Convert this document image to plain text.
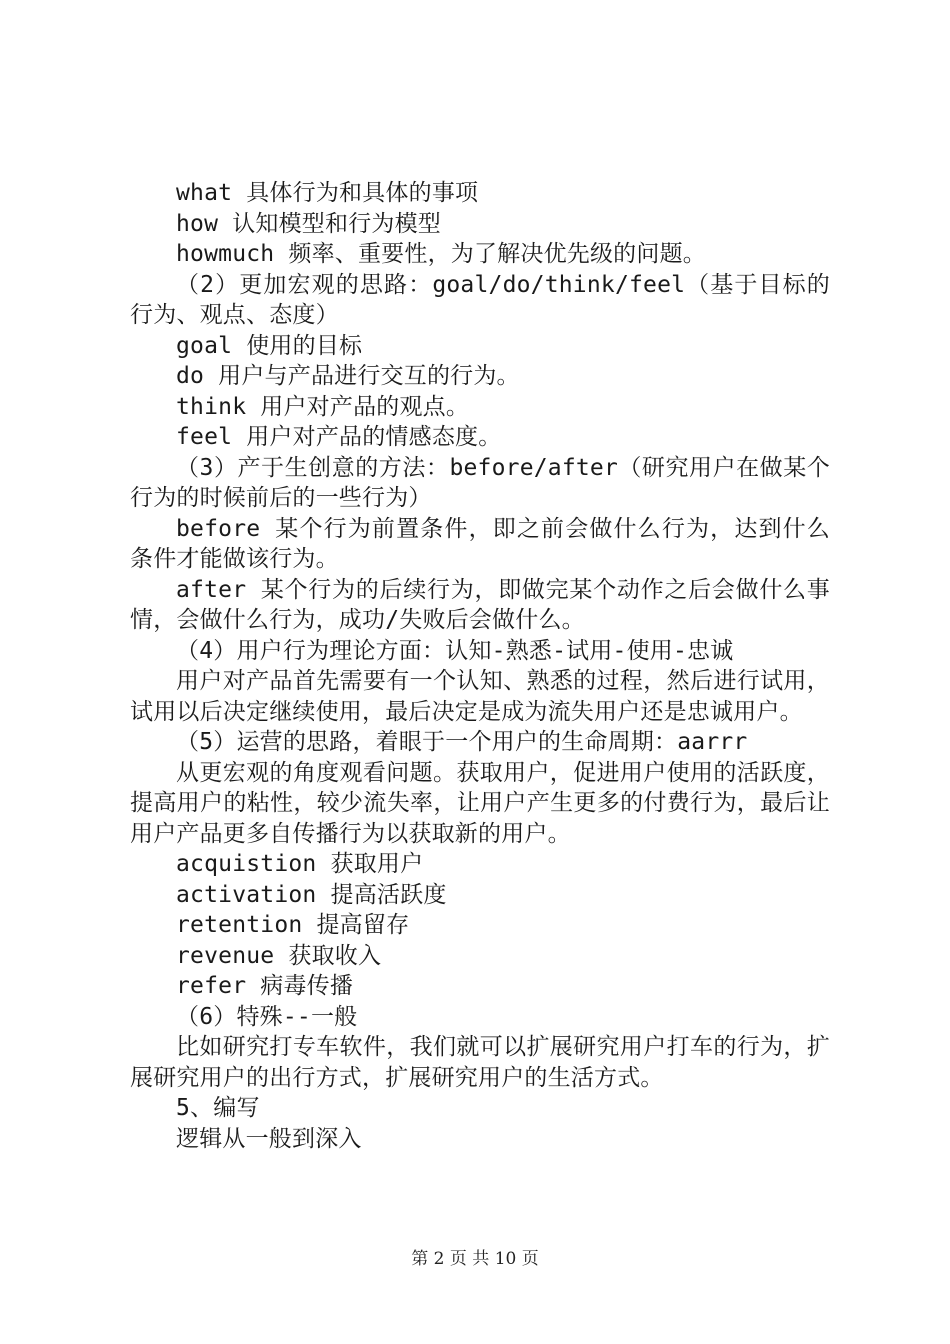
what 具体行为和具体的事项

how 认知模型和行为模型

howmuch 频率、重要性，为了解决优先级的问题。

（2）更加宏观的思路：goal/do/think/feel（基于目标的行为、观点、态度）

goal 使用的目标

do 用户与产品进行交互的行为。

think 用户对产品的观点。

feel 用户对产品的情感态度。

（3）产于生创意的方法：before/after（研究用户在做某个行为的时候前后的一些行为）

before 某个行为前置条件，即之前会做什么行为，达到什么条件才能做该行为。

after 某个行为的后续行为，即做完某个动作之后会做什么事情，会做什么行为，成功/失败后会做什么。

（4）用户行为理论方面：认知-熟悉-试用-使用-忠诚

用户对产品首先需要有一个认知、熟悉的过程，然后进行试用，试用以后决定继续使用，最后决定是成为流失用户还是忠诚用户。

（5）运营的思路，着眼于一个用户的生命周期：aarrr

从更宏观的角度观看问题。获取用户，促进用户使用的活跃度，提高用户的粘性，较少流失率，让用户产生更多的付费行为，最后让用户产品更多自传播行为以获取新的用户。

acquistion 获取用户

activation 提高活跃度

retention 提高留存

revenue 获取收入

refer 病毒传播

（6）特殊--一般

比如研究打专车软件，我们就可以扩展研究用户打车的行为，扩展研究用户的出行方式，扩展研究用户的生活方式。

5、编写

逻辑从一般到深入

第 2 页 共 10 页
